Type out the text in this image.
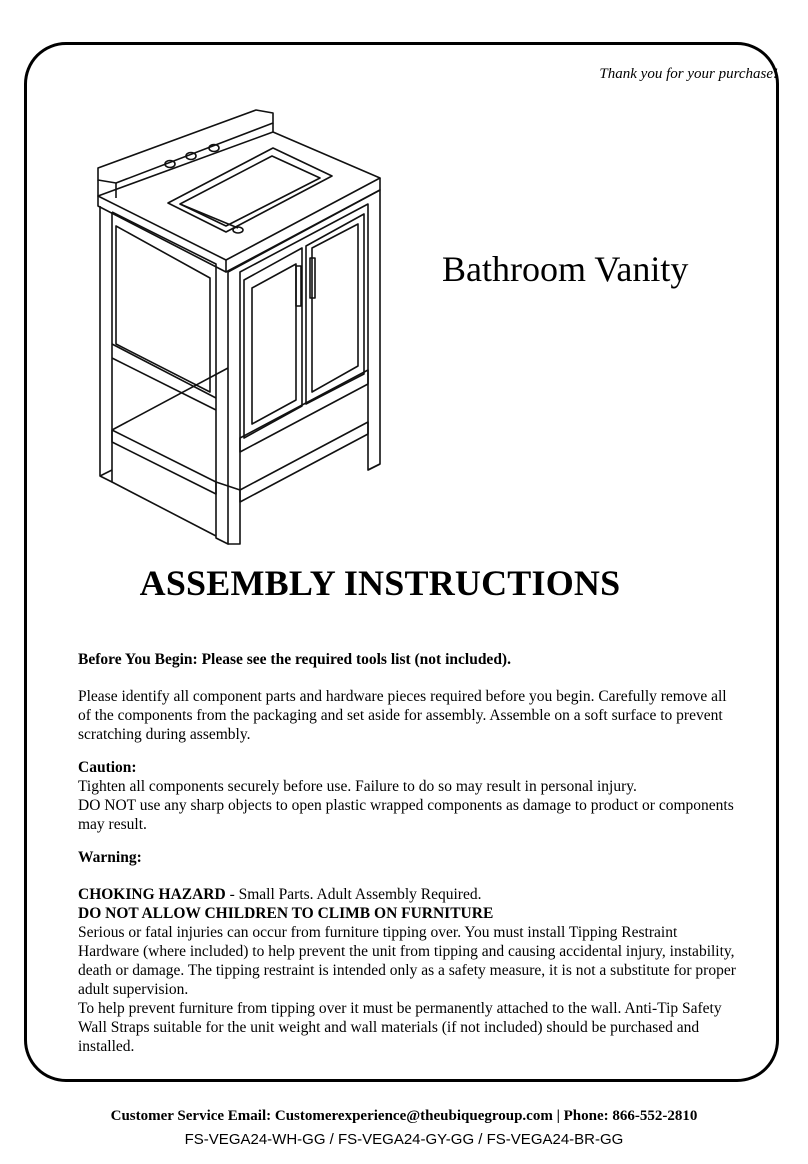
Thank you for your purchase!
Bathroom Vanity
ASSEMBLY INSTRUCTIONS

Before You Begin: Please see the required tools list (not included).

Please identify all component parts and hardware pieces required before you begin. Carefully remove all of the components from the packaging and set aside for assembly. Assemble on a soft surface to prevent scratching during assembly.

Caution:

Tighten all components securely before use. Failure to do so may result in personal injury.

DO NOT use any sharp objects to open plastic wrapped components as damage to product or components may result.

Warning:

CHOKING HAZARD - Small Parts. Adult Assembly Required.

DO NOT ALLOW CHILDREN TO CLIMB ON FURNITURE

Serious or fatal injuries can occur from furniture tipping over. You must install Tipping Restraint Hardware (where included) to help prevent the unit from tipping and causing accidental injury, instability, death or damage. The tipping restraint is intended only as a safety measure, it is not a substitute for proper adult supervision.

To help prevent furniture from tipping over it must be permanently attached to the wall. Anti-Tip Safety Wall Straps suitable for the unit weight and wall materials (if not included) should be purchased and installed.

Customer Service Email: Customerexperience@theubiquegroup.com | Phone: 866-552-2810
FS-VEGA24-WH-GG / FS-VEGA24-GY-GG / FS-VEGA24-BR-GG
